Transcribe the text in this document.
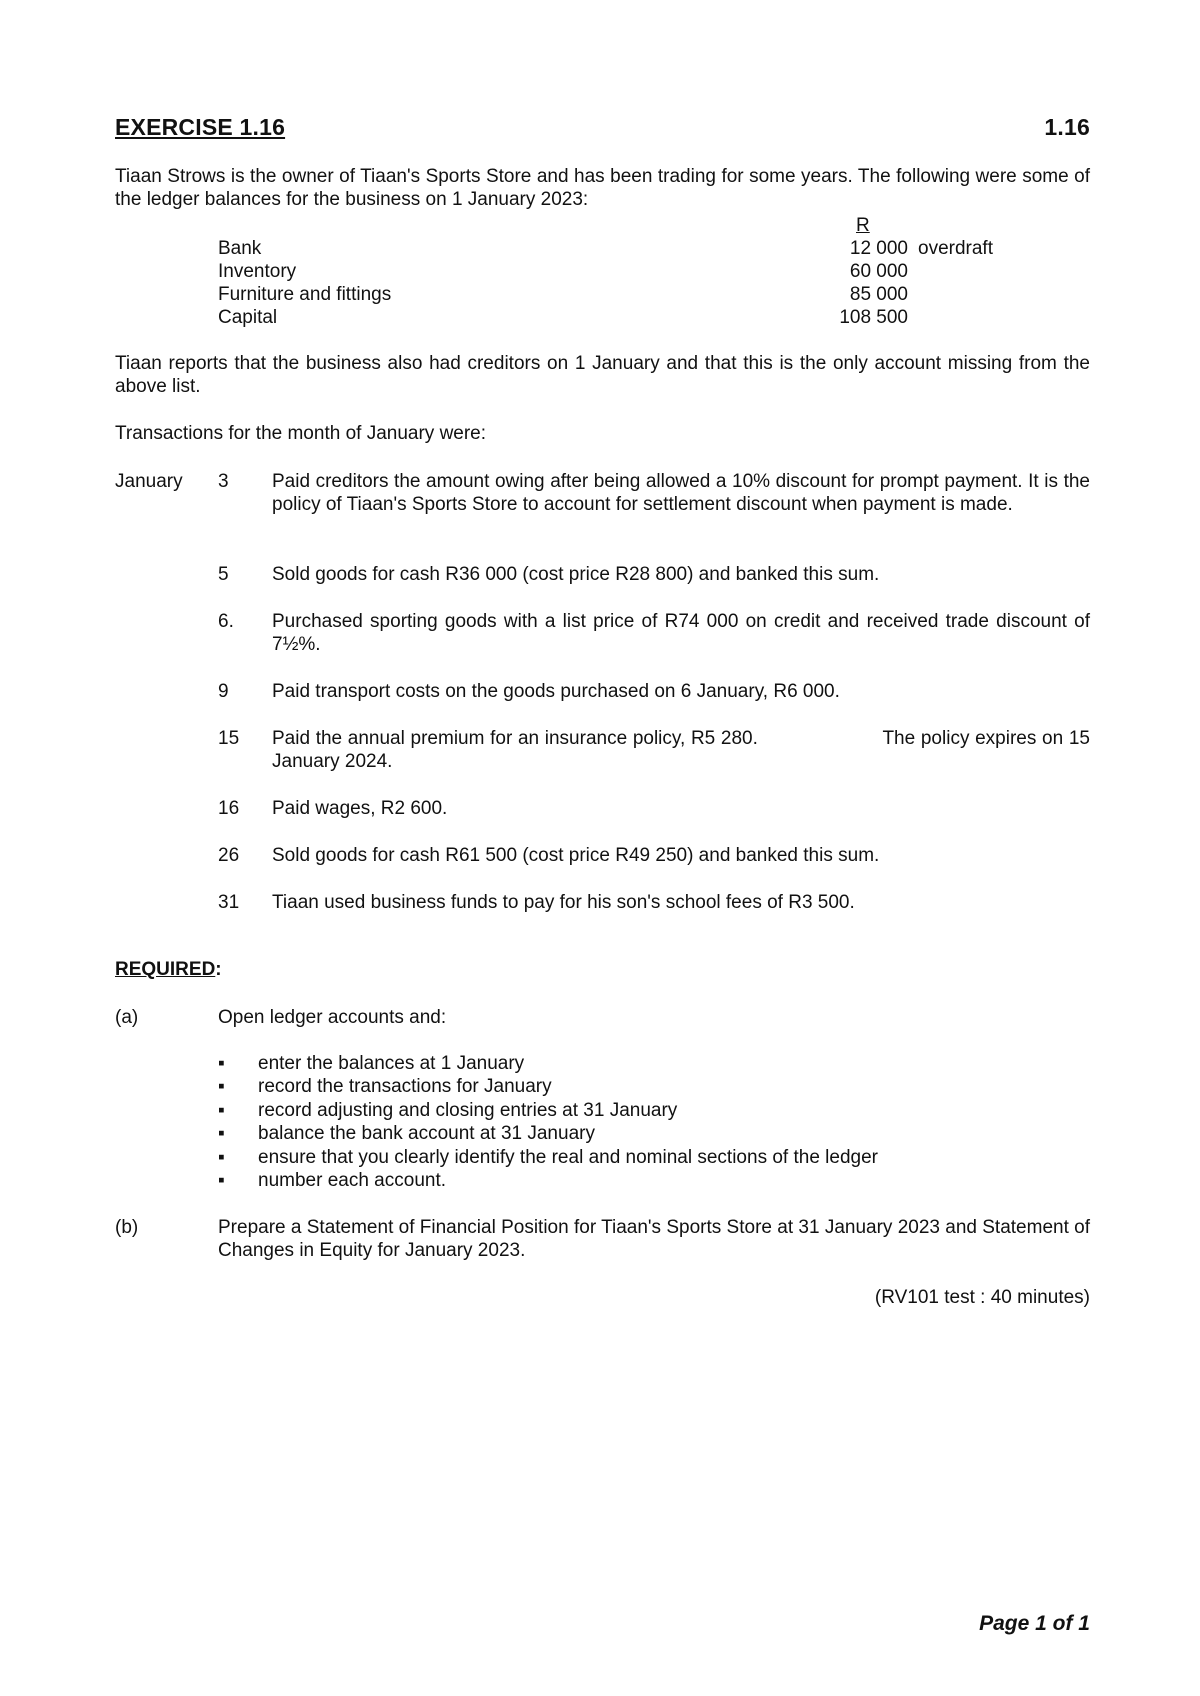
EXERCISE 1.16	1.16
Tiaan Strows is the owner of Tiaan's Sports Store and has been trading for some years. The following were some of the ledger balances for the business on 1 January 2023:
R
Bank	12 000 overdraft
Inventory	60 000
Furniture and fittings	85 000
Capital	108 500
Tiaan reports that the business also had creditors on 1 January and that this is the only account missing from the above list.
Transactions for the month of January were:
January 3 Paid creditors the amount owing after being allowed a 10% discount for prompt payment. It is the policy of Tiaan's Sports Store to account for settlement discount when payment is made.
5 Sold goods for cash R36 000 (cost price R28 800) and banked this sum.
6. Purchased sporting goods with a list price of R74 000 on credit and received trade discount of 7½%.
9 Paid transport costs on the goods purchased on 6 January, R6 000.
15 Paid the annual premium for an insurance policy, R5 280.                      The policy expires on 15 January 2024.
16 Paid wages, R2 600.
26 Sold goods for cash R61 500 (cost price R49 250) and banked this sum.
31 Tiaan used business funds to pay for his son's school fees of R3 500.
REQUIRED:
(a)	Open ledger accounts and:
▪ enter the balances at 1 January
▪ record the transactions for January
▪ record adjusting and closing entries at 31 January
▪ balance the bank account at 31 January
▪ ensure that you clearly identify the real and nominal sections of the ledger
▪ number each account.
(b)	Prepare a Statement of Financial Position for Tiaan's Sports Store at 31 January 2023 and Statement of Changes in Equity for January 2023.
(RV101 test : 40 minutes)
Page 1 of 1
